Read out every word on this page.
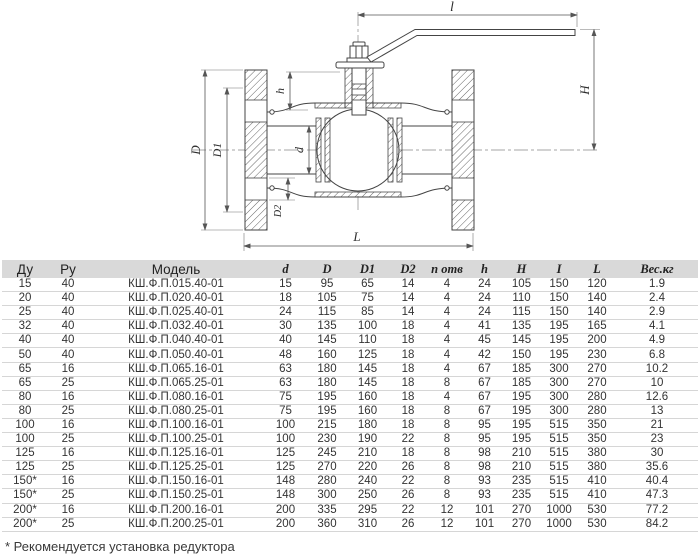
l
H
h
D D1	d
D2
L
Ду	Ру	Модель	d	D	D1	D2	n отв	h	H	I	L	Вес.кг
15	40	КШ.Ф.П.015.40-01	15	95	65	14	4	24	105	150	120	1.9
20	40	КШ.Ф.П.020.40-01	18	105	75	14	4	24	110	150	140	2.4
25	40	КШ.Ф.П.025.40-01	24	115	85	14	4	24	115	150	140	2.9
32	40	КШ.Ф.П.032.40-01	30	135	100	18	4	41	135	195	165	4.1
40	40	КШ.Ф.П.040.40-01	40	145	110	18	4	45	145	195	200	4.9
50	40	КШ.Ф.П.050.40-01	48	160	125	18	4	42	150	195	230	6.8
65	16	КШ.Ф.П.065.16-01	63	180	145	18	4	67	185	300	270	10.2
65	25	КШ.Ф.П.065.25-01	63	180	145	18	8	67	185	300	270	10
80	16	КШ.Ф.П.080.16-01	75	195	160	18	4	67	195	300	280	12.6
80	25	КШ.Ф.П.080.25-01	75	195	160	18	8	67	195	300	280	13
100	16	КШ.Ф.П.100.16-01	100	215	180	18	8	95	195	515	350	21
100	25	КШ.Ф.П.100.25-01	100	230	190	22	8	95	195	515	350	23
125	16	КШ.Ф.П.125.16-01	125	245	210	18	8	98	210	515	380	30
125	25	КШ.Ф.П.125.25-01	125	270	220	26	8	98	210	515	380	35.6
150*	16	КШ.Ф.П.150.16-01	148	280	240	22	8	93	235	515	410	40.4
150*	25	КШ.Ф.П.150.25-01	148	300	250	26	8	93	235	515	410	47.3
200*	16	КШ.Ф.П.200.16-01	200	335	295	22	12	101	270	1000	530	77.2
200*	25	КШ.Ф.П.200.25-01	200	360	310	26	12	101	270	1000	530	84.2
* Рекомендуется установка редуктора
